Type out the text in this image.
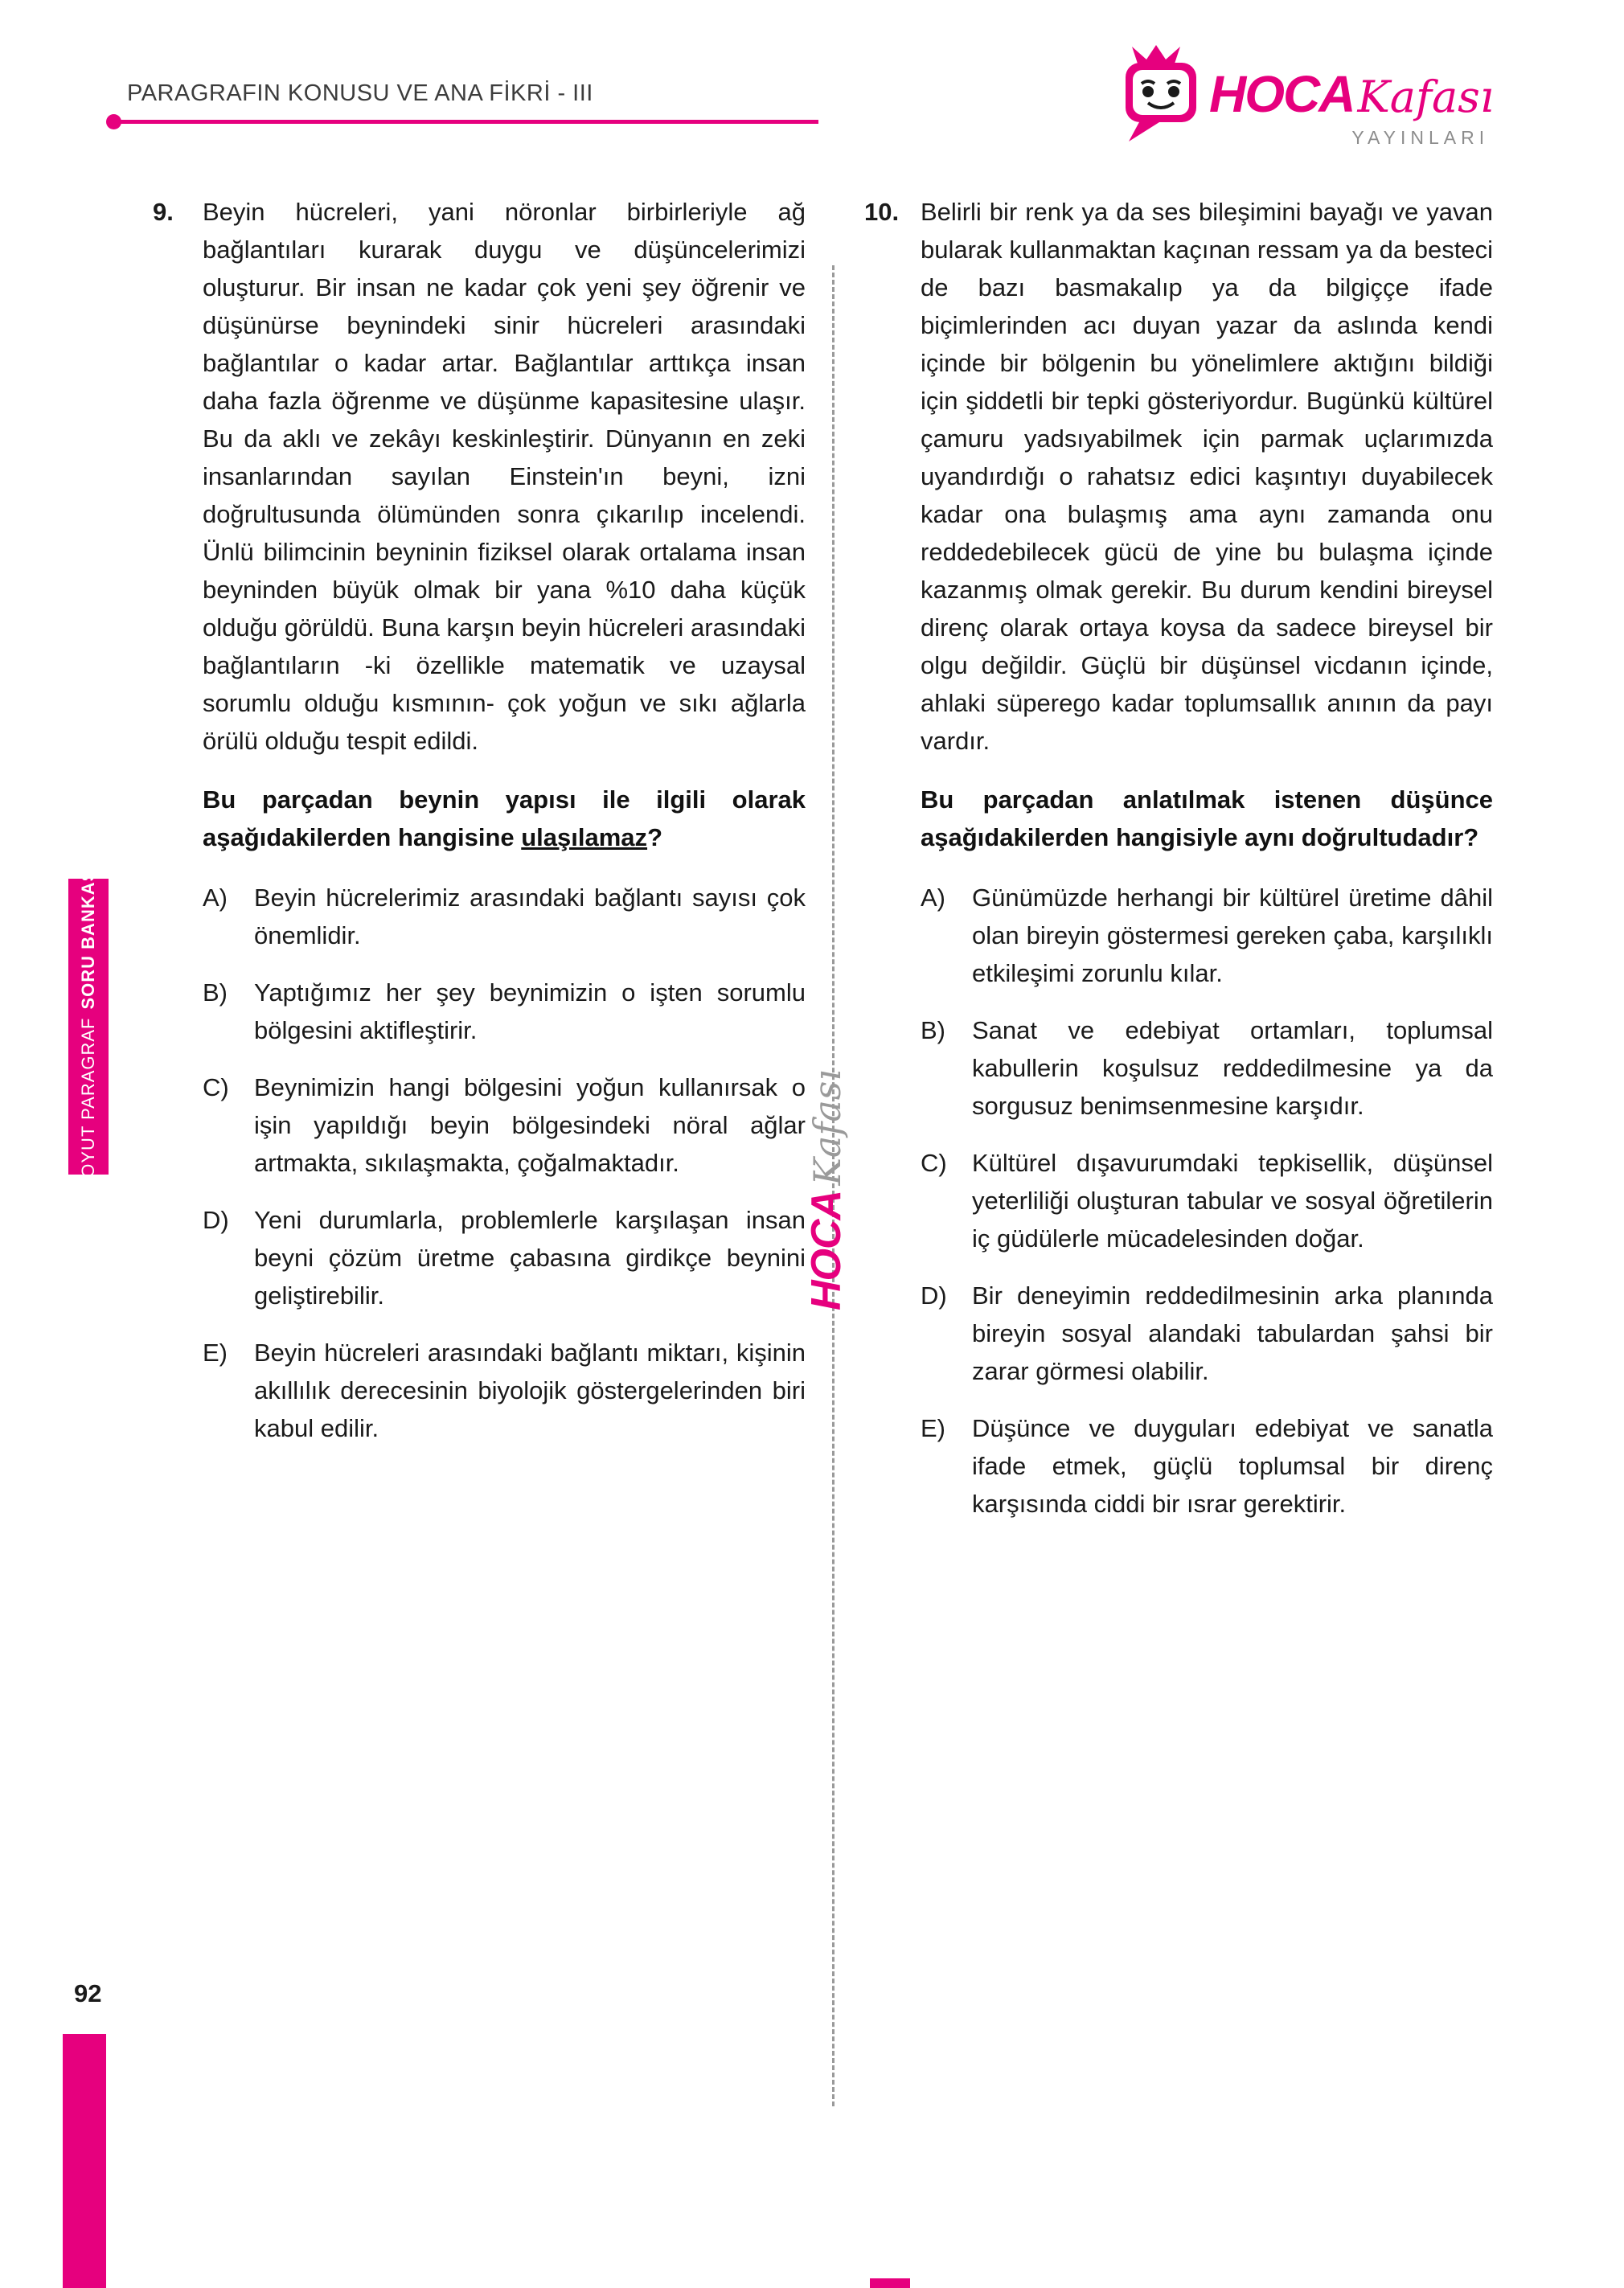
PARAGRAFIN KONUSU VE ANA FİKRİ - III	HOCAKafası
YAYINLARI
HOCA Kafası
9.	Beyin hücreleri, yani nöronlar birbirleriyle ağ bağlantıları kurarak duygu ve düşüncelerimizi oluşturur. Bir insan ne kadar çok yeni şey öğrenir ve düşünürse beynindeki sinir hücreleri arasındaki bağlantılar o kadar artar. Bağlantılar arttıkça insan daha fazla öğrenme ve düşünme kapasitesine ulaşır. Bu da aklı ve zekâyı keskinleştirir. Dünyanın en zeki insanlarından sayılan Einstein'ın beyni, izni doğrultusunda ölümünden sonra çıkarılıp incelendi. Ünlü bilimcinin beyninin fiziksel olarak ortalama insan beyninden büyük olmak bir yana %10 daha küçük olduğu görüldü. Buna karşın beyin hücreleri arasındaki bağlantıların -ki özellikle matematik ve uzaysal sorumlu olduğu kısmının- çok yoğun ve sıkı ağlarla örülü olduğu tespit edildi.

Bu parçadan beynin yapısı ile ilgili olarak aşağıdakilerden hangisine ulaşılamaz?

A)	Beyin hücrelerimiz arasındaki bağlantı sayısı çok önemlidir.
B)	Yaptığımız her şey beynimizin o işten sorumlu bölgesini aktifleştirir.
C)	Beynimizin hangi bölgesini yoğun kullanırsak o işin yapıldığı beyin bölgesindeki nöral ağlar artmakta, sıkılaşmakta, çoğalmaktadır.
D)	Yeni durumlarla, problemlerle karşılaşan insan beyni çözüm üretme çabasına girdikçe beynini geliştirebilir.
E)	Beyin hücreleri arasındaki bağlantı miktarı, kişinin akıllılık derecesinin biyolojik göstergelerinden biri kabul edilir.
10. Belirli bir renk ya da ses bileşimini bayağı ve yavan bularak kullanmaktan kaçınan ressam ya da besteci de bazı basmakalıp ya da bilgiççe ifade biçimlerinden acı duyan yazar da aslında kendi içinde bir bölgenin bu yönelimlere aktığını bildiği için şiddetli bir tepki gösteriyordur. Bugünkü kültürel çamuru yadsıyabilmek için parmak uçlarımızda uyandırdığı o rahatsız edici kaşıntıyı duyabilecek kadar ona bulaşmış ama aynı zamanda onu reddedebilecek gücü de yine bu bulaşma içinde kazanmış olmak gerekir. Bu durum kendini bireysel direnç olarak ortaya koysa da sadece bireysel bir olgu değildir. Güçlü bir düşünsel vicdanın içinde, ahlaki süperego kadar toplumsallık anının da payı vardır.

Bu parçadan anlatılmak istenen düşünce aşağıdakilerden hangisiyle aynı doğrultudadır?

A)	Günümüzde herhangi bir kültürel üretime dâhil olan bireyin göstermesi gereken çaba, karşılıklı etkileşimi zorunlu kılar.
B)	Sanat ve edebiyat ortamları, toplumsal kabullerin koşulsuz reddedilmesine ya da sorgusuz benimsenmesine karşıdır.
C)	Kültürel dışavurumdaki tepkisellik, düşünsel yeterliliği oluşturan tabular ve sosyal öğretilerin iç güdülerle mücadelesinden doğar.
D)	Bir deneyimin reddedilmesinin arka planında bireyin sosyal alandaki tabulardan şahsi bir zarar görmesi olabilir.
E)	Düşünce ve duyguları edebiyat ve sanatla ifade etmek, güçlü toplumsal bir direnç karşısında ciddi bir ısrar gerektirir.
SOYUT PARAGRAFSORU BANKASI
92
